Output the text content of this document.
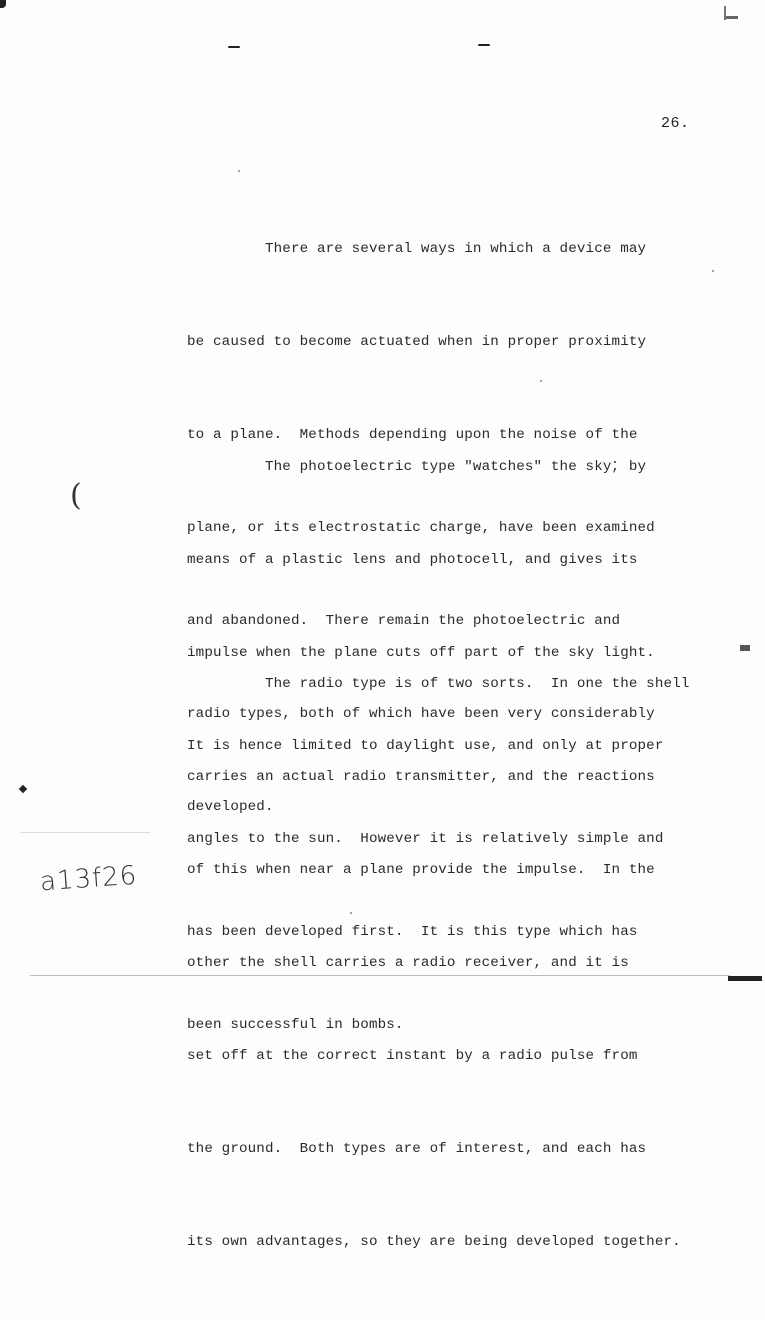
26.
(

There are several ways in which a device may

be caused to become actuated when in proper proximity

to a plane.  Methods depending upon the noise of the

plane, or its electrostatic charge, have been examined

and abandoned.  There remain the photoelectric and

radio types, both of which have been very considerably

developed.

The photoelectric type "watches" the sky, by

means of a plastic lens and photocell, and gives its

impulse when the plane cuts off part of the sky light.

It is hence limited to daylight use, and only at proper

angles to the sun.  However it is relatively simple and

has been developed first.  It is this type which has

been successful in bombs.

The radio type is of two sorts.  In one the shell

carries an actual radio transmitter, and the reactions

of this when near a plane provide the impulse.  In the

other the shell carries a radio receiver, and it is

set off at the correct instant by a radio pulse from

the ground.  Both types are of interest, and each has

its own advantages, so they are being developed together.

a13f26
